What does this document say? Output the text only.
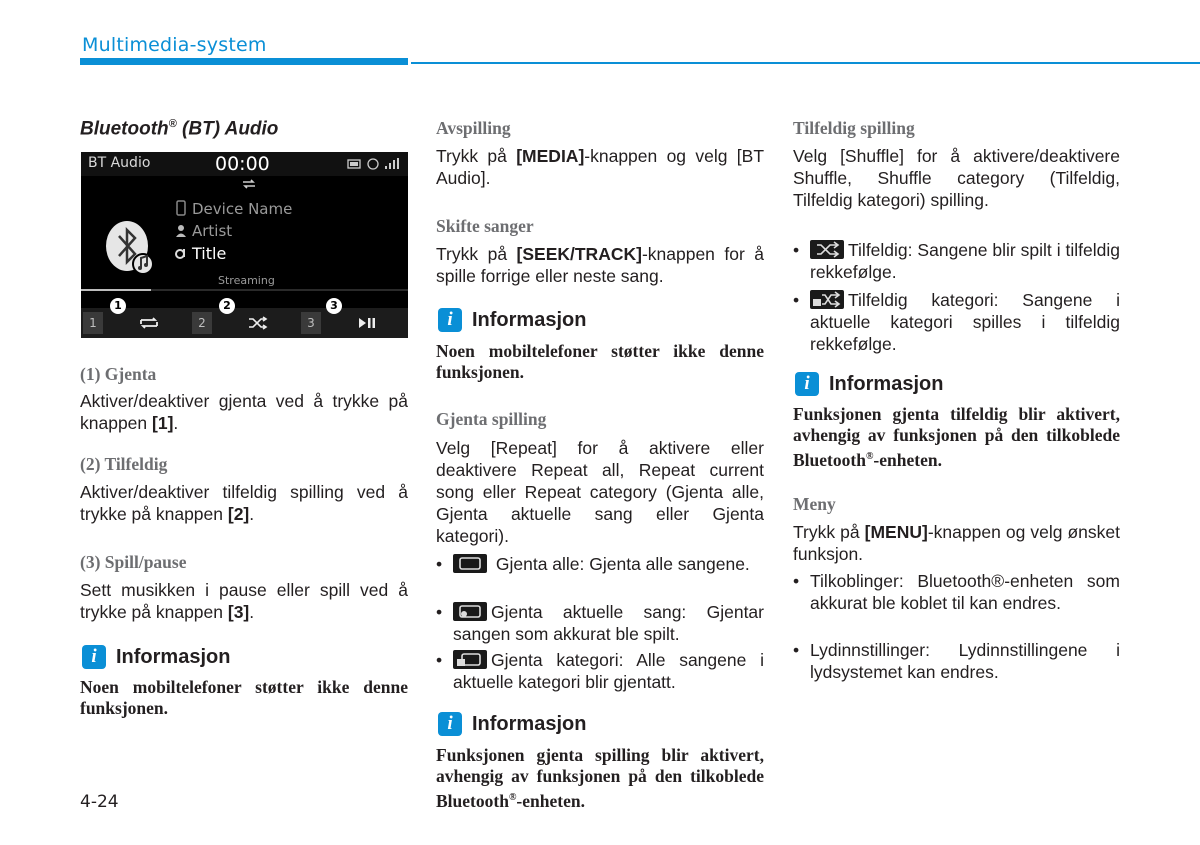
Multimedia-system
Bluetooth® (BT) Audio
BT Audio	00:00
Device Name
Artist
Title
Streaming
1	2	3
1	2	3
(1) Gjenta
Aktiver/deaktiver gjenta ved å trykke på knappen [1].
(2) Tilfeldig
Aktiver/deaktiver tilfeldig spilling ved å trykke på knappen [2].
(3) Spill/pause
Sett musikken i pause eller spill ved å trykke på knappen [3].
i Informasjon
Noen mobiltelefoner støtter ikke denne funksjonen.
4-24
Avspilling
Trykk på [MEDIA]-knappen og velg [BT Audio].
Skifte sanger
Trykk på [SEEK/TRACK]-knappen for å spille forrige eller neste sang.
i Informasjon
Noen mobiltelefoner støtter ikke denne funksjonen.
Gjenta spilling
Velg [Repeat] for å aktivere eller deaktivere Repeat all, Repeat current song eller Repeat category (Gjenta alle, Gjenta aktuelle sang eller Gjenta kategori).
•	Gjenta alle: Gjenta alle sangene.
•	Gjenta aktuelle sang: Gjentar sangen som akkurat ble spilt.
•	Gjenta kategori: Alle sangene i aktuelle kategori blir gjentatt.
i Informasjon
Funksjonen gjenta spilling blir aktivert, avhengig av funksjonen på den tilkoblede Bluetooth®-enheten.
Tilfeldig spilling
Velg [Shuffle] for å aktivere/deaktivere Shuffle, Shuffle category (Tilfeldig, Tilfeldig kategori) spilling.
•	Tilfeldig: Sangene blir spilt i tilfeldig rekkefølge.
•	Tilfeldig kategori: Sangene i aktuelle kategori spilles i tilfeldig rekkefølge.
i Informasjon
Funksjonen gjenta tilfeldig blir aktivert, avhengig av funksjonen på den tilkoblede Bluetooth®-enheten.
Meny
Trykk på [MENU]-knappen og velg ønsket funksjon.
• Tilkoblinger: Bluetooth®-enheten som akkurat ble koblet til kan endres.
• Lydinnstillinger: Lydinnstillingene i lydsystemet kan endres.
